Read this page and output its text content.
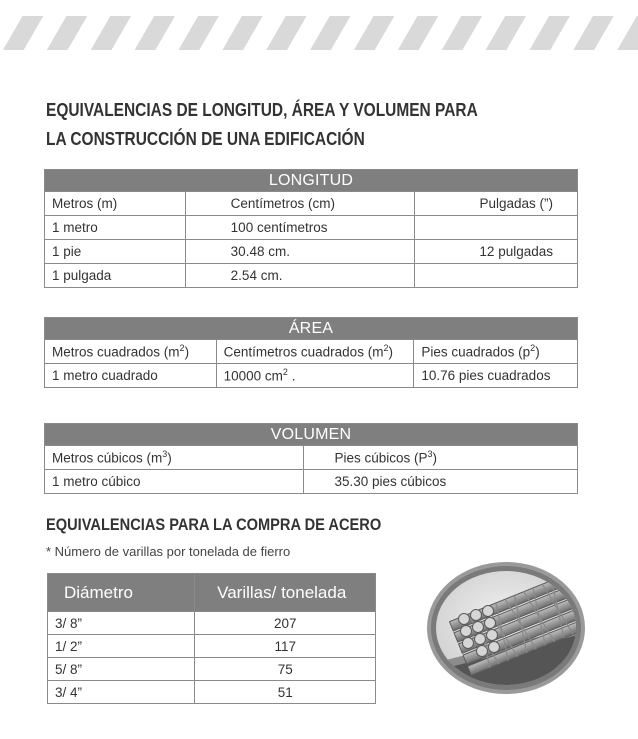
EQUIVALENCIAS DE LONGITUD, ÁREA Y VOLUMEN PARA
LA CONSTRUCCIÓN DE UNA EDIFICACIÓN
LONGITUD		
Metros (m)	Centímetros (cm)	Pulgadas (”)
1 metro	100 centímetros	
1 pie	30.48 cm.	12 pulgadas
1 pulgada	2.54 cm.	
ÁREA		
Metros cuadrados $(m^2)$	Centímetros cuadrados $(m^2)$	Pies cuadrados $(p^2)$
1 metro cuadrado	10000 $cm^2$ .	10.76 pies cuadrados
VOLUMEN	
Metros cúbicos $(m^3)$	Pies cúbicos $(P^3)$
1 metro cúbico	35.30 pies cúbicos
EQUIVALENCIAS PARA LA COMPRA DE ACERO
* Número de varillas por tonelada de fierro
Diámetro	Varillas/ tonelada
3/ 8”	207
1/ 2”	117
5/ 8”	75
3/ 4”	51
